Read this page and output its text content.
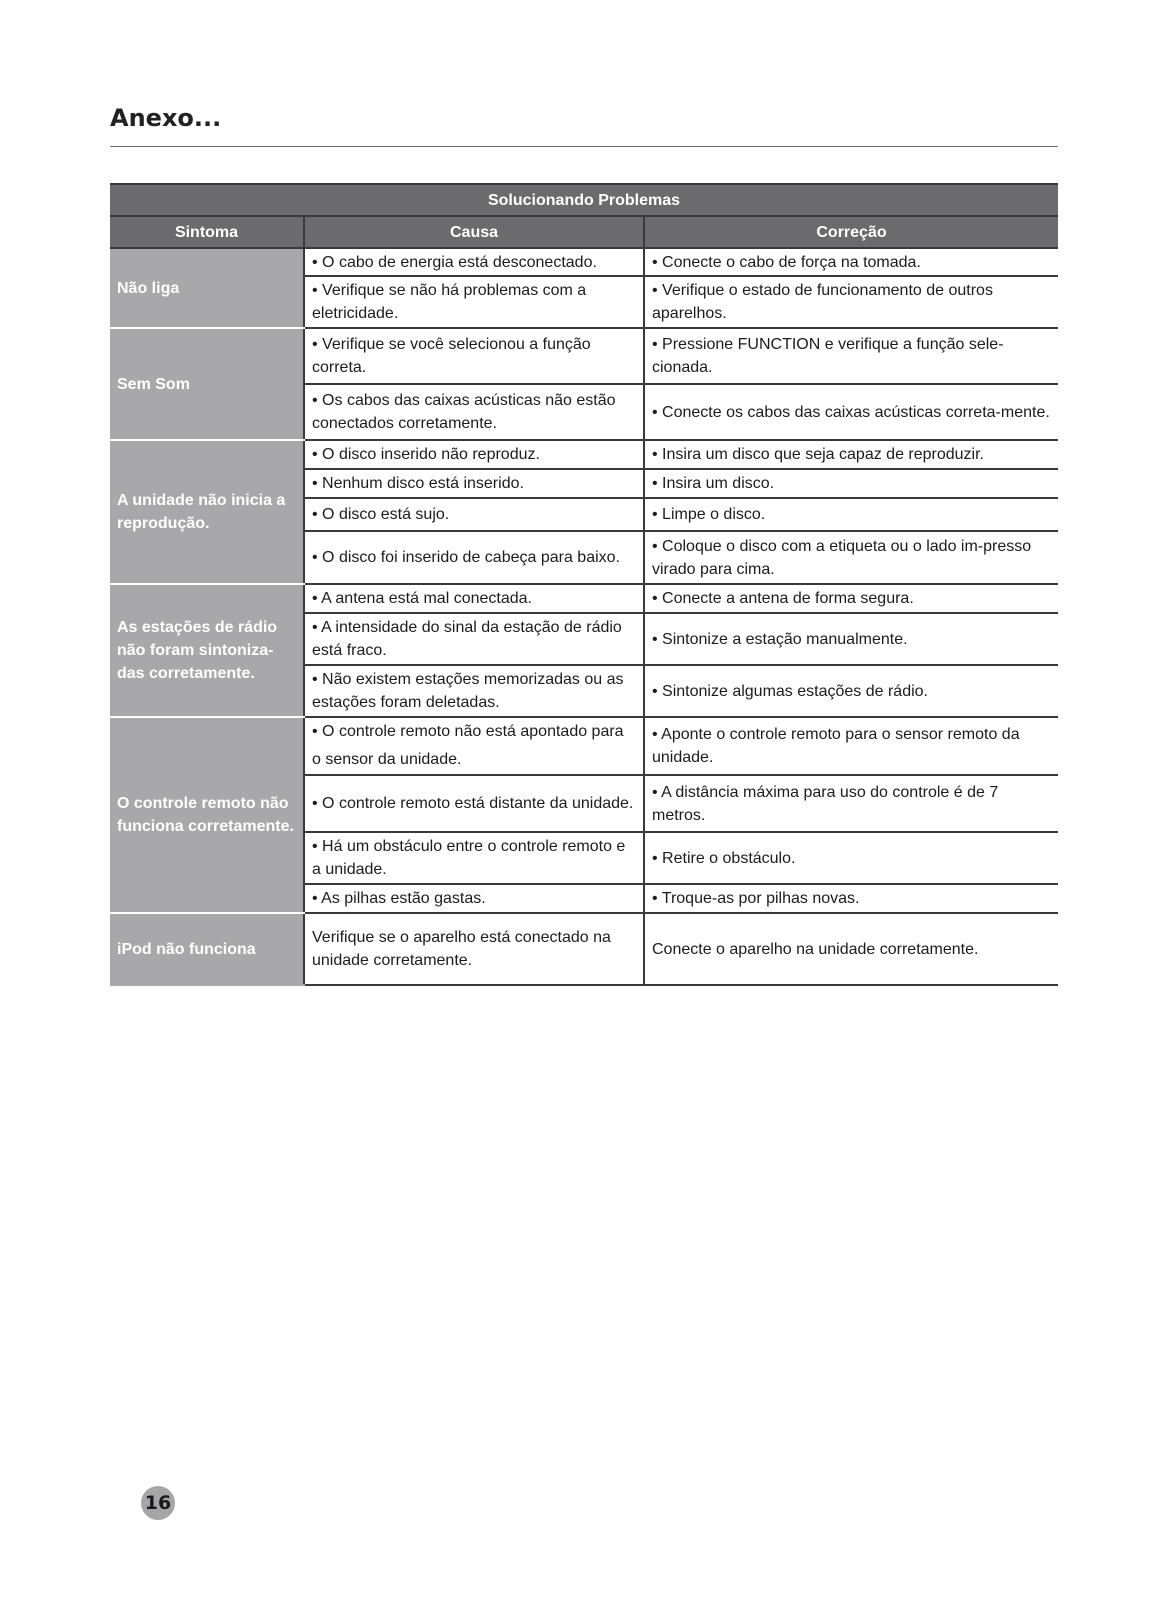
Anexo...
Solucionando Problemas		
Sintoma	Causa	Correção
Não liga	• O cabo de energia está desconectado.	• Conecte o cabo de força na tomada.
	• Verifique se não há problemas com a eletricidade.	• Verifique o estado de funcionamento de outros aparelhos.
Sem Som	• Verifique se você selecionou a função correta.	• Pressione FUNCTION e verifique a função sele-cionada.
	• Os cabos das caixas acústicas não estão conectados corretamente.	• Conecte os cabos das caixas acústicas correta-mente.
A unidade não inicia a reprodução.	• O disco inserido não reproduz.	• Insira um disco que seja capaz de reproduzir.
	• Nenhum disco está inserido.	• Insira um disco.
	• O disco está sujo.	• Limpe o disco.
	• O disco foi inserido de cabeça para baixo.	• Coloque o disco com a etiqueta ou o lado im-presso virado para cima.
As estações de rádio não foram sintoniza-das corretamente.	• A antena está mal conectada.	• Conecte a antena de forma segura.
	• A intensidade do sinal da estação de rádio está fraco.	• Sintonize a estação manualmente.
	• Não existem estações memorizadas ou as estações foram deletadas.	• Sintonize algumas estações de rádio.
O controle remoto não funciona corretamente.	• O controle remoto não está apontado para o sensor da unidade.	• Aponte o controle remoto para o sensor remoto da unidade.
	• O controle remoto está distante da unidade.	• A distância máxima para uso do controle é de 7 metros.
	• Há um obstáculo entre o controle remoto e a unidade.	• Retire o obstáculo.
	• As pilhas estão gastas.	• Troque-as por pilhas novas.
iPod não funciona	Verifique se o aparelho está conectado na unidade corretamente.	Conecte o aparelho na unidade corretamente.
16
